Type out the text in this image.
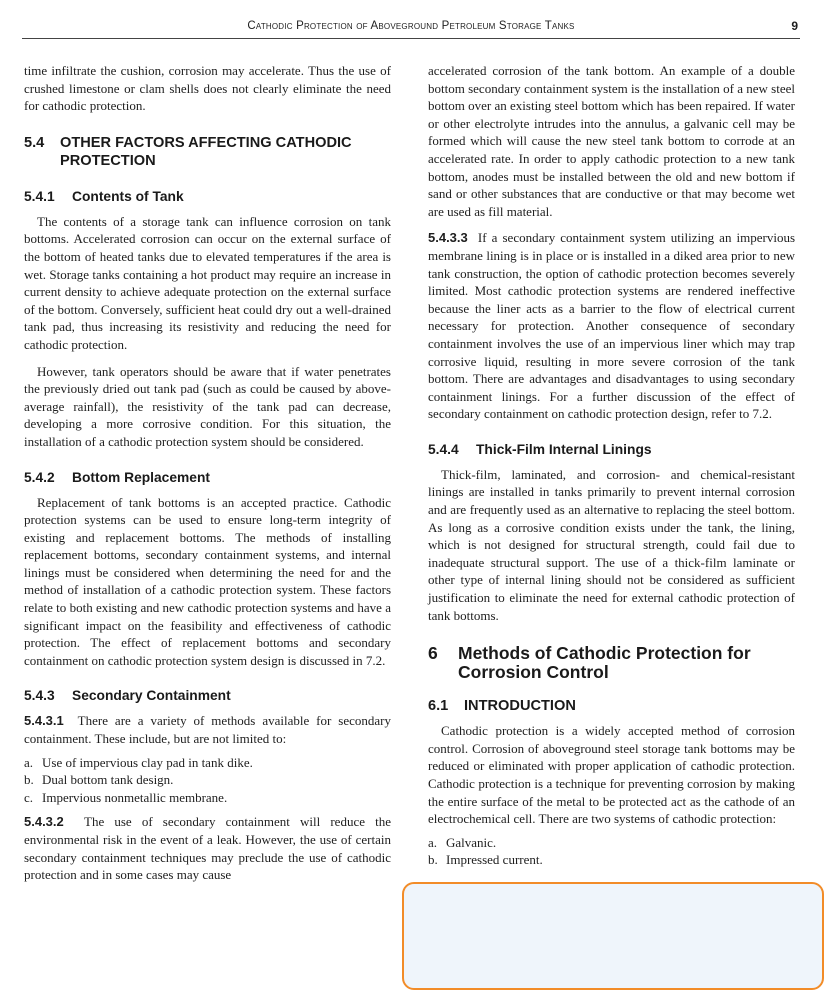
Cathodic Protection of Aboveground Petroleum Storage Tanks	9

time infiltrate the cushion, corrosion may accelerate. Thus the use of crushed limestone or clam shells does not clearly eliminate the need for cathodic protection.

5.4	OTHER FACTORS AFFECTING CATHODIC PROTECTION
5.4.1 Contents of Tank

The contents of a storage tank can influence corrosion on tank bottoms. Accelerated corrosion can occur on the external surface of the bottom of heated tanks due to elevated temperatures if the area is wet. Storage tanks containing a hot product may require an increase in current density to achieve adequate protection on the external surface of the bottom. Conversely, sufficient heat could dry out a well-drained tank pad, thus increasing its resistivity and reducing the need for cathodic protection.

However, tank operators should be aware that if water penetrates the previously dried out tank pad (such as could be caused by above-average rainfall), the resistivity of the tank pad can decrease, developing a more corrosive condition. For this situation, the installation of a cathodic protection system should be considered.

5.4.2 Bottom Replacement

Replacement of tank bottoms is an accepted practice. Cathodic protection systems can be used to ensure long-term integrity of existing and replacement bottoms. The methods of installing replacement bottoms, secondary containment systems, and internal linings must be considered when determining the need for and the method of installation of a cathodic protection system. These factors relate to both existing and new cathodic protection systems and have a significant impact on the feasibility and effectiveness of cathodic protection. The effect of replacement bottoms and secondary containment on cathodic protection system design is discussed in 7.2.

5.4.3 Secondary Containment

5.4.3.1 There are a variety of methods available for secondary containment. These include, but are not limited to:

a. Use of impervious clay pad in tank dike.
b. Dual bottom tank design.
c. Impervious nonmetallic membrane.

5.4.3.2 The use of secondary containment will reduce the environmental risk in the event of a leak. However, the use of certain secondary containment techniques may preclude the use of cathodic protection and in some cases may cause

accelerated corrosion of the tank bottom. An example of a double bottom secondary containment system is the installation of a new steel bottom over an existing steel bottom which has been repaired. If water or other electrolyte intrudes into the annulus, a galvanic cell may be formed which will cause the new steel tank bottom to corrode at an accelerated rate. In order to apply cathodic protection to a new tank bottom, anodes must be installed between the old and new bottom if sand or other substances that are conductive or that may become wet are used as fill material.

5.4.3.3 If a secondary containment system utilizing an impervious membrane lining is in place or is installed in a diked area prior to new tank construction, the option of cathodic protection becomes severely limited. Most cathodic protection systems are rendered ineffective because the liner acts as a barrier to the flow of electrical current necessary for protection. Another consequence of secondary containment involves the use of an impervious liner which may trap corrosive liquid, resulting in more severe corrosion of the tank bottom. There are advantages and disadvantages to using secondary containment linings. For a further discussion of the effect of secondary containment on cathodic protection design, refer to 7.2.

5.4.4 Thick-Film Internal Linings

Thick-film, laminated, and corrosion- and chemical-resistant linings are installed in tanks primarily to prevent internal corrosion and are frequently used as an alternative to replacing the steel bottom. As long as a corrosive condition exists under the tank, the lining, which is not designed for structural strength, could fail due to inadequate structural support. The use of a thick-film laminate or other type of internal lining should not be considered as sufficient justification to eliminate the need for external cathodic protection of tank bottoms.

6	Methods of Cathodic Protection for Corrosion Control
6.1 INTRODUCTION

Cathodic protection is a widely accepted method of corrosion control. Corrosion of aboveground steel storage tank bottoms may be reduced or eliminated with proper application of cathodic protection. Cathodic protection is a technique for preventing corrosion by making the entire surface of the metal to be protected act as the cathode of an electrochemical cell. There are two systems of cathodic protection:

a. Galvanic.
b. Impressed current.
